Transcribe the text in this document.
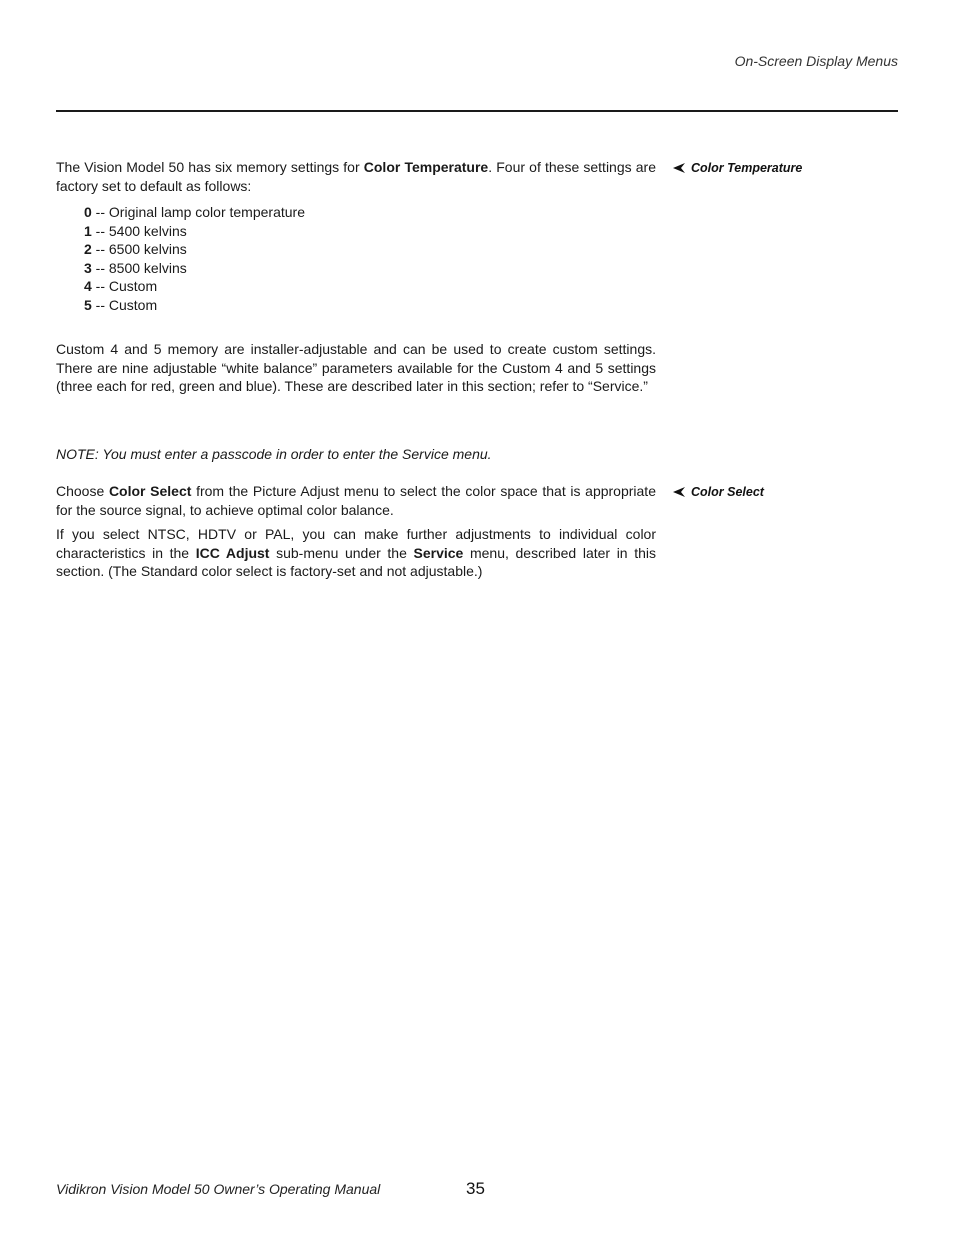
On-Screen Display Menus

The Vision Model 50 has six memory settings for Color Temperature. Four of these settings are factory set to default as follows:

Color Temperature
0 -- Original lamp color temperature
1 -- 5400 kelvins
2 -- 6500 kelvins
3 -- 8500 kelvins
4 -- Custom
5 -- Custom

Custom 4 and 5 memory are installer-adjustable and can be used to create custom settings. There are nine adjustable “white balance” parameters available for the Custom 4 and 5 settings (three each for red, green and blue). These are described later in this section; refer to “Service.”

NOTE: You must enter a passcode in order to enter the Service menu.

Choose Color Select from the Picture Adjust menu to select the color space that is appropriate for the source signal, to achieve optimal color balance.

If you select NTSC, HDTV or PAL, you can make further adjustments to individual color characteristics in the ICC Adjust sub-menu under the Service menu, described later in this section. (The Standard color select is factory-set and not adjustable.)

Color Select
Vidikron Vision Model 50 Owner’s Operating Manual	35
